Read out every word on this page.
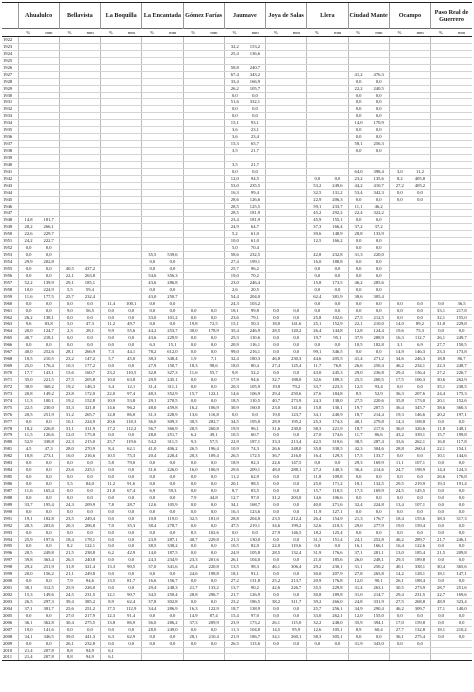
	Ahualulco		Bellavista		La Boquilla		La Encantada		Gómez Farías		Jaumave		Joya de Salas		Llera		Ciudad Mante		Ocampo		Paso Real de Guerrero	
	%	mm	%	mm	%	mm	%	mm	%	mm	%	mm	%	mm	%	mm	%	mm	%	mm	%	mm
1922																						
1923											32,2	153,2										
1924											25,4	136,6										
1925																						
1926											58,8	240,7										
1927											67,4	343,2					41,2	476,3				
1928											33,4	166,9					0,0	0,0				
1929											26,2	105,7					22,2	240,5				
1930											0,0	0,0					0,0	0,0				
1931											51,6	332,1					0,0	0,0				
1932											0,0	0,0					0,0	0,0				
1933											0,0	0,0					0,0	0,0				
1934											15,1	93,1					14,0	170,9				
1935											3,6	23,1					0,0	0,0				
1936											3,6	23,4					0,0	0,0				
1937											15,3	65,7					58,1	256,3				
1938											3,5	21,7					0,0	0,0				
1939																						
1940											3,5	21,7										
1941											0,0	0,0					64,0	398,4	3,0	11,2		
1942											12,0	94,5			0,0	0,0	23,2	135,6	8,2	405,8		
1943											53,0	235,5			53,2	249,6	44,2	410,7	27,2	405,2		
1944											16,3	99,4			32,5	131,2	53,4	342,3	0,0	0,0		
1945											28,6	126,6			22,9	206,3	0,0	0,0	0,0	0,0		
1946											28,5	125,5			59,1	233,7	11,1	46,2				
1947											28,5	181,9			45,2	292,2	22,4	322,2				
1948	14,8	181,7									23,4	181,9			45,9	155,1	0,0	0,0				
1949	20,2	266,1									24,9	64,7			37,3	166,4	37,2	37,2				
1950	22,6	229,7									5,2	61,0			39,6	148,9	28,8	133,9				
1951	24,2	222,7									10,0	61,0			12,5	166,2	0,0	0,0				
1952	0,0	0,0									5,0	70,4					0,0	0,0				
1953	0,0	0,0					35,5	539,6			58,6	232,5			42,8	232,8	31,3	220,0				
1954	29,9	202,8					0,0	0,0			27,4	199,1			16,0	188,8	0,0	0,0				
1955	0,0	0,0	40,5	437,2			0,0	0,0			25,7	96,2			0,0	0,0	0,0	0,0				
1956	0,0	0,0	22,1	263,8			54,6	356,3			19,0	70,2			0,0	0,0	0,0	0,0				
1957	52,2	139,9	29,1	185,1			43,6	286,8			23,0	246,4			15,8	173,5	46,2	285,6				
1958	10,0	224,9	5,5	59,4			0,0	0,0			2,6	20,5			0,0	0,0	0,0	0,0				
1959	11,6	177,5	25,7	232,4			43,0	250,7			54,4	204,0			62,4	381,9	38,6	305,4				
1960	0,0	0,0	0,0	0,0	11,4	100,1	0,0	0,0			24,3	103,2			0,0	0,0	0,0	0,0	0,0	0,0	0,0	36,5
1961	0,0	0,0	9,0	56,5	0,0	0,0	0,0	0,0	0,0	0,0	18,1	99,8	0,0	0,0	0,0	0,0	0,0	0,0	0,0	0,0	33,1	217,8
1962	26,2	138,1	0,0	0,0	0,0	0,0	33,0	101,2	0,0	0,0	23,6	79,1	0,0	0,0	25,8	102,6	27,5	212,5	0,0	0,0	32,1	155,0
1963	9,6	83,8	5,0	47,3	11,2	49,7	0,0	0,0	19,8	72,5	15,1	50,3	18,0	141,6	25,1	152,9	22,1	210,0	14,0	89,2	31,8	229,8
1964	20,0	124,7	2,3	28,1	9,9	55,6	44,2	253,7	30,0	178,9	35,4	246,9	28,5	120,2	26,4	144,8	12,8	124,4	19,6	75,3	0,0	0,0
1965	40,7	218,1	0,0	0,0	0,0	0,0	43,6	229,9	0,0	0,0	25,3	110,6	0,0	0,0	19,7	95,1	37,9	288,9	16,3	112,7	26,1	249,7
1966	0,0	0,0	0,0	0,0	0,0	0,0	6,3	15,1	0,0	0,0	20,9	116,1	0,0	0,0	0,0	0,0	10,5	182,8	3,1	6,9	27,7	150,5
1967	40,0	252,6	28,1	266,9	7,3	44,1	78,2	612,0	0,0	0,0	99,0	216,1	0,0	0,0	99,1	346,5	0,0	0,0	14,9	146,3	23,3	173,8
1968	10,5	210,5	23,2	147,2	5,7	45,0	38,3	348,4	1,9	7,1	32,4	180,3	46,8	230,3	44,6	205,5	41,4	271,2	34,6	246,3	18,8	86,7
1969	25,0	176,4	10,3	177,2	0,0	0,0	27,9	150,7	18,3	98,6	18,0	80,4	27,4	125,4	11,7	76,8	26,6	250,4	46,2	234,1	22,3	248,7
1970	17,7	143,1	15,6	160,7	23,2	110,5	32,8	327,3	11,6	55,7	9,8	52,2	0,0	0,0	43,0	245,3	29,0	236,8	29,4	156,4	27,2	226,7
1971	35,0	221,5	27,5	205,8	10,0	63,8	29,9	245,1	0,0	0,0	17,9	94,6	32,7	188,0	32,6	189,3	25,5	200,5	17,5	106,3	30,6	262,9
1972	38,9	360,2	19,2	146,3	3,4	12,1	31,4	311,1	0,0	0,0	20,3	105,9	19,8	79,2	33,7	223,3	12,5	93,4	0,0	0,0	35,1	238,5
1973	20,8	149,2	23,8	172,0	22,0	97,4	48,3	352,9	15,7	122,1	14,6	106,9	29,4	250,6	27,6	184,8	8,5	52,9	36,3	207,6	24,4	175,3
1974	11,3	100,1	19,2	152,8	10,9	53,8	29,1	270,5	0,0	0,0	18,5	110,5	40,7	273,9	24,3	138,0	27,5	220,6	35,8	173,0	20,1	152,6
1975	22,5	230,0	33,3	321,8	14,6	96,2	48,0	459,8	16,2	106,9	30,9	160,0	23,0	141,6	15,8	130,1	19,7	207,5	36,4	345,7	38,6	360,3
1976	20,5	251,9	31,2	265,7	12,8	86,0	31,3	228,9	13,6	116,8	0,0	0,0	19,0	123,7	34,1	240,9	18,7	214,4	19,3	146,6	20,2	197,1
1977	0,0	0,0	10,1	224,9	20,6	118,3	36,0	309,3	30,5	282,7	34,5	195,0	28,9	195,2	25,3	174,3	40,1	279,8	14,3	108,8	0,0	0,0
1978	18,2	226,8	31,1	311,9	17,2	112,2	56,7	366,9	28,5	260,8	19,9	96,1	31,6	230,0	38,3	221,9	18,7	217,6	36,0	326,6	11,8	148,1
1979	11,5	126,6	12,0	175,8	0,0	0,0	28,0	251,7	6,2	49,1	10,5	60,7	0,0	0,0	27,0	174,6	11,7	86,6	43,2	339,1	15,7	199,8
1980	52,9	338,8	22,3	215,0	25,7	119,6	54,2	311,5	9,3	57,5	22,9	187,1	33,3	213,4	42,5	319,6	38,5	287,4	33,6	262,1	16,0	117,8
1981	4,5	47,3	28,0	270,9	8,4	62,1	41,0	406,2	26,5	196,4	10,9	74,3	26,6	248,0	35,8	338,5	42,3	304,6	28,8	260,4	22,1	154,1
1982	18,8	273,1	16,0	216,6	10,5	75,3	20,4	228,4	20,3	109,4	26,5	172,5	36,7	216,0	16,4	129,3	17,5	133,7	0,0	0,0	10,1	144,6
1983	0,0	0,0	0,0	0,0	5,8	79,0	0,0	0,0	0,0	0,0	18,9	82,3	22,6	147,5	0,0	0,0	29,3	169,9	11,1	107,1	0,0	0,0
1984	0,0	0,0	23,6	225,1	0,0	0,0	31,6	226,0	16,0	106,9	29,6	209,1	48,0	288,1	27,2	140,3	36,4	214,6	24,7	198,9	14,4	124,3
1985	0,0	0,0	0,0	0,0	0,0	0,0	0,0	0,0	0,0	0,0	11,2	62,9	0,0	0,0	11,8	109,8	0,0	0,0	0,0	0,0	26,6	176,8
1986	0,0	0,0	5,5	84,0	11,2	91,6	0,0	0,0	0,0	0,0	20,1	88,5	0,0	0,0	25,0	171,2	18,1	132,5	29,5	219,9	19,3	191,4
1987	11,6	165,4	0,0	0,0	21,0	67,4	6,9	59,3	0,0	0,0	8,7	83,5	0,0	0,0	15,7	118,5	17,3	169,9	24,5	145,5	0,0	0,0
1988	0,0	0,0	0,0	0,0	0,0	0,0	0,0	0,0	7,9	44,8	12,7	97,0	31,2	203,0	14,6	106,6	0,0	0,0	0,0	0,0	0,0	0,0
1989	33,7	195,4	24,3	209,9	7,8	28,7	12,6	105,9	0,0	0,0	34,1	168,7	0,0	0,0	40,0	271,6	32,4	224,8	13,4	107,1	0,0	0,0
1990	0,0	0,0	0,0	0,0	0,0	0,0	0,0	0,0	0,0	0,0	16,3	123,6	0,0	0,0	11,9	127,1	0,0	0,0	0,0	0,0	0,0	0,0
1991	19,1	182,8	23,5	249,4	0,0	0,0	10,8	119,0	32,5	181,0	28,8	204,8	23,5	212,4	26,4	154,9	21,3	176,7	18,4	155,6	38,3	317,3
1992	28,3	203,6	20,3	206,8	7,0	35,3	38,4	278,7	0,0	0,0	47,5	219,1	34,6	199,2	32,6	218,3	29,0	277,9	19,0	159,4	0,0	0,0
1993	0,0	0,0	0,0	0,0	0,0	0,0	0,0	0,0	8,5	102,6	0,0	0,0	27,9	146,5	18,2	125,4	0,0	0,0	0,0	0,0	0,0	0,0
1994	25,9	197,6	18,4	178,1	0,0	0,0	23,9	287,1	40,7	229,8	21,3	130,0	0,0	0,0	31,3	151,4	24,1	252,8	46,2	289,7	21,7	246,1
1995	0,0	0,0	8,2	122,1	0,0	0,0	38,5	338,2	0,0	0,0	10,5	82,0	22,0	119,6	0,0	0,0	16,1	166,1	16,4	122,6	0,0	0,0
1996	20,5	249,8	21,5	238,8	6,2	42,9	14,0	187,5	0,0	0,0	24,9	105,8	28,5	132,4	31,9	176,6	37,1	281,1	13,0	185,4	21,5	209,8
1997	39,8	363,4	26,5	240,8	0,0	0,0	24,3	234,9	23,3	201,6	26,1	104,0	0,0	0,0	21,0	185,6	26,0	248,1	29,3	189,8	0,0	0,0
1998	29,2	251,9	31,8	321,4	13,3	90,5	37,0	341,6	25,4	220,8	13,5	98,3	46,1	306,4	29,2	230,1	31,1	250,2	40,1	338,1	30,4	365,6
1999	20,0	156,2	21,1	249,8	0,0	0,0	0,0	0,0	24,6	198,8	18,1	91,1	0,0	0,0	30,0	207,9	27,8	265,8	14,2	128,1	18,1	147,1
2000	0,0	0,0	7,9	94,6	13,5	81,7	16,6	156,7	0,0	0,0	27,2	131,8	25,2	213,7	20,9	176,8	12,0	90,1	26,1	188,4	0,0	0,0
2001	30,1	312,5	25,9	226,0	0,0	0,0	29,4	248,3	21,7	133,2	13,7	90,2	42,6	226,7	35,5	229,8	31,4	263,1	30,5	273,9	28,7	251,6
2002	15,3	149,6	24,5	231,5	12,1	90,7	34,5	250,4	28,8	296,7	21,7	126,9	0,0	0,0	30,8	189,8	31,0	214,7	29,4	231,5	22,7	169,6
2003	26,5	297,3	39,4	385,2	8,9	62,4	37,8	302,8	0,0	0,0	23,2	186,5	38,2	311,7	39,2	266,0	24,8	331,9	27,5	268,8	48,9	323,4
2004	37,1	381,7	25,6	251,2	17,5	112,9	34,4	286,9	16,3	122,9	18,7	138,9	0,0	0,0	25,7	256,1	34,9	290,4	46,2	309,7	17,1	140,0
2005	0,0	0,0	27,0	217,9	12,3	91,4	0,0	0,0	14,9	87,4	15,4	97,0	0,0	0,0	33,0	262,1	12,0	155,0	0,0	0,0	0,0	0,0
2006	36,1	362,8	30,4	275,5	13,8	86,9	36,0	286,2	37,3	209,9	23,9	173,2	26,1	115,0	32,2	248,0	35,9	394,1	17,0	159,8	0,0	0,0
2007	19,0	141,6	0,0	0,0	0,0	0,0	28,0	249,0	0,0	0,0	11,3	104,8	14,5	95,9	12,6	105,1	8,9	60,4	27,7	132,8	18,1	210,2
2008	34,1	346,5	39,0	441,3	6,3	62,9	0,0	0,0	28,1	210,4	21,9	186,7	34,1	260,1	38,3	305,1	0,0	0,0	36,1	275,4	0,0	0,0
2009	0,0	0,0	26,1	232,8	0,0	0,0	0,0	0,0	0,0	0,0	26,5	113,6	0,0	0,0	0,0	0,0	31,9	343,0	0,0	0,0		
2010	21,4	207,8	8,8	94,9	6,1																	
2011	21,4	207,8	8,8	94,9	6,1																	
